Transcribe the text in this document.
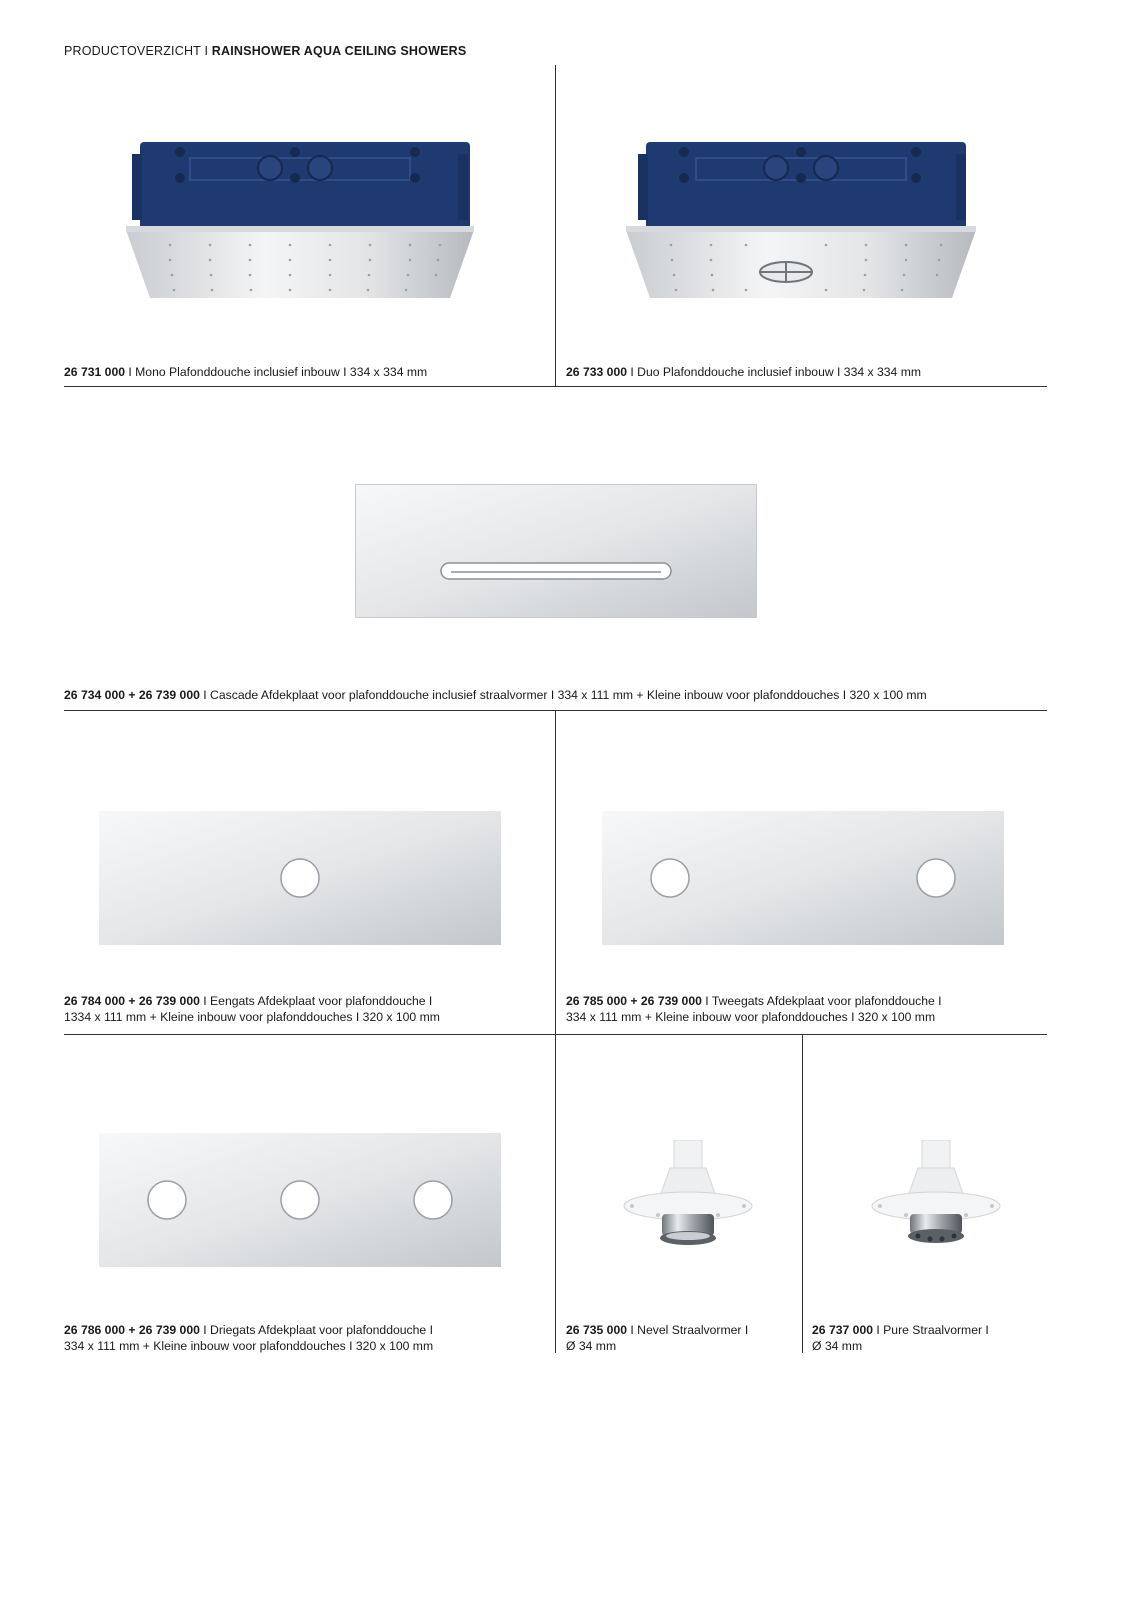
PRODUCTOVERZICHT I RAINSHOWER AQUA CEILING SHOWERS
26 731 000 I Mono Plafonddouche inclusief inbouw I 334 x 334 mm	26 733 000 I Duo Plafonddouche inclusief inbouw I 334 x 334 mm
26 734 000 + 26 739 000 I Cascade Afdekplaat voor plafonddouche inclusief straalvormer I 334 x 111 mm + Kleine inbouw voor plafonddouches I 320 x 100 mm
26 784 000 + 26 739 000 I Eengats Afdekplaat voor plafonddouche I
1334 x 111 mm + Kleine inbouw voor plafonddouches I 320 x 100 mm
26 785 000 + 26 739 000 I Tweegats Afdekplaat voor plafonddouche I
334 x 111 mm + Kleine inbouw voor plafonddouches I 320 x 100 mm
26 786 000 + 26 739 000 I Driegats Afdekplaat voor plafonddouche I
334 x 111 mm + Kleine inbouw voor plafonddouches I 320 x 100 mm
26 735 000 I Nevel Straalvormer I
Ø 34 mm
26 737 000 I Pure Straalvormer I
Ø 34 mm
